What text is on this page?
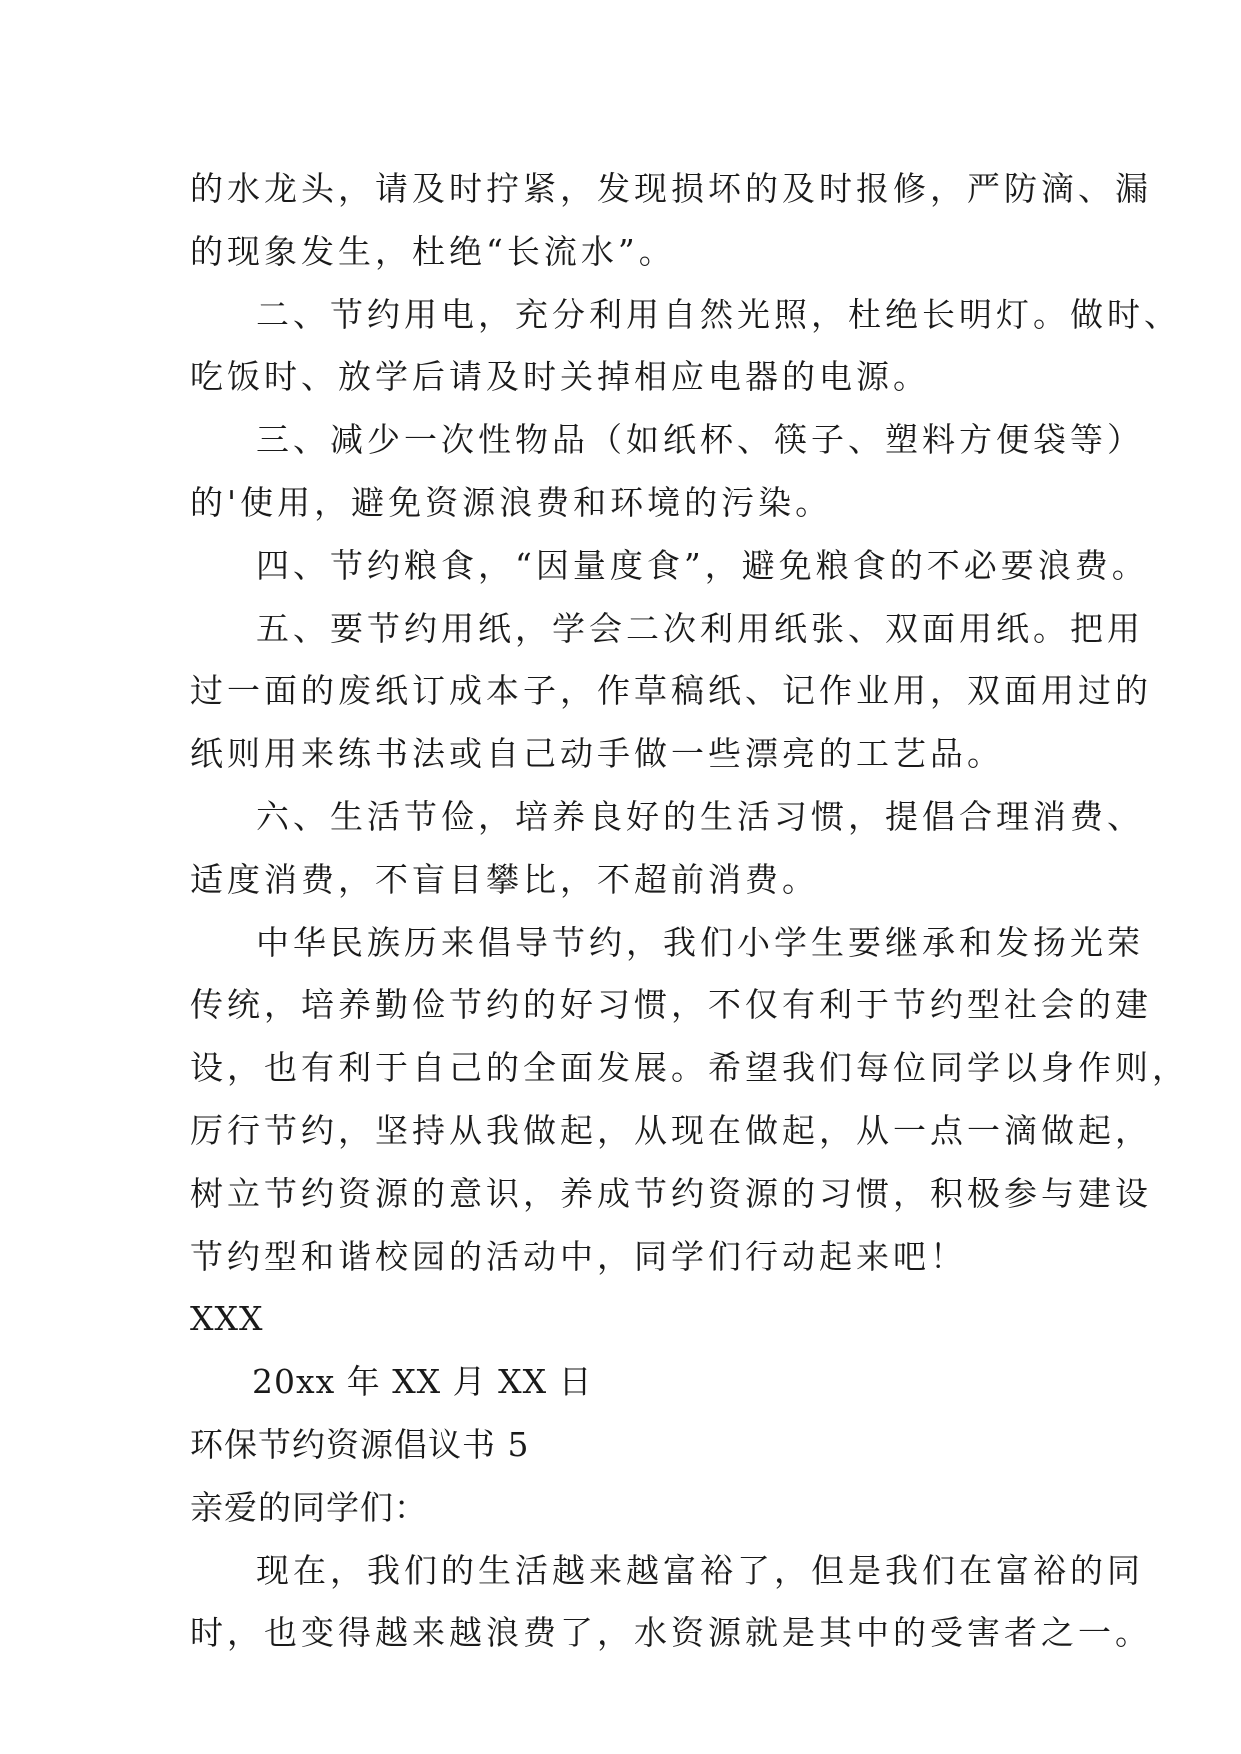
的水龙头，请及时拧紧，发现损坏的及时报修，严防滴、漏
的现象发生，杜绝“长流水”。
二、节约用电，充分利用自然光照，杜绝长明灯。做时、
吃饭时、放学后请及时关掉相应电器的电源。
三、减少一次性物品（如纸杯、筷子、塑料方便袋等）
的'使用，避免资源浪费和环境的污染。
四、节约粮食，“因量度食”，避免粮食的不必要浪费。
五、要节约用纸，学会二次利用纸张、双面用纸。把用
过一面的废纸订成本子，作草稿纸、记作业用，双面用过的
纸则用来练书法或自己动手做一些漂亮的工艺品。
六、生活节俭，培养良好的生活习惯，提倡合理消费、
适度消费，不盲目攀比，不超前消费。
中华民族历来倡导节约，我们小学生要继承和发扬光荣
传统，培养勤俭节约的好习惯，不仅有利于节约型社会的建
设，也有利于自己的全面发展。希望我们每位同学以身作则，
厉行节约，坚持从我做起，从现在做起，从一点一滴做起，
树立节约资源的意识，养成节约资源的习惯，积极参与建设
节约型和谐校园的活动中，同学们行动起来吧！
XXX
20xx 年 XX 月 XX 日
环保节约资源倡议书 5
亲爱的同学们：
现在，我们的生活越来越富裕了，但是我们在富裕的同
时，也变得越来越浪费了，水资源就是其中的受害者之一。
